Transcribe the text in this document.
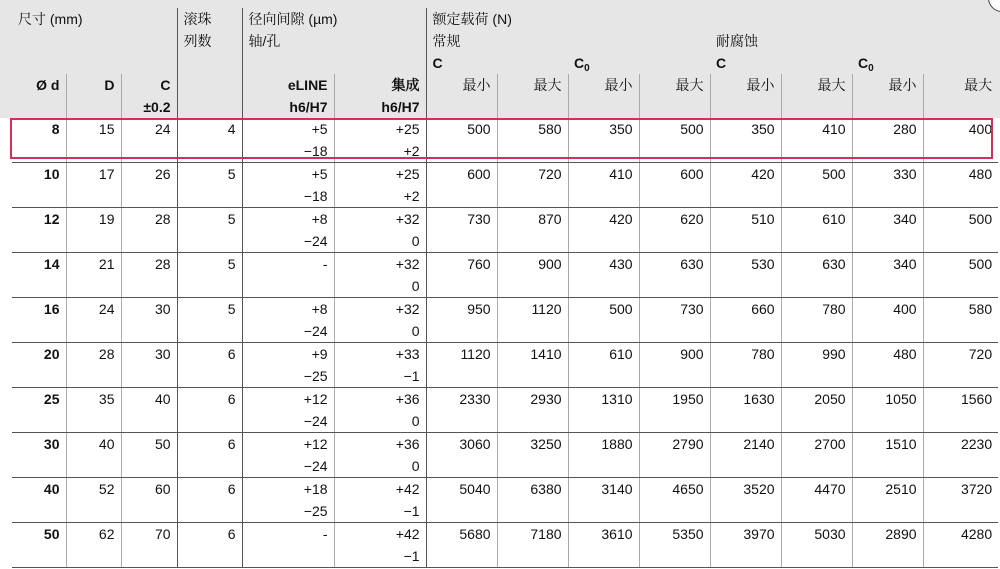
尺寸 (mm)			滚珠	径向间隙 (µm)		额定载荷 (N)							
			列数	轴/孔		常规				耐腐蚀			
						C		$C_0$		C		$C_0$
Ø d	D	C		eLINE	集成	最小	最大	最小	最大	最小	最大	最小	最大
		±0.2		h6/H7	h6/H7								
8	15	24	4	+5	+25	500	580	350	500	350	410	280	400
				−18	+2								
10	17	26	5	+5	+25	600	720	410	600	420	500	330	480
				−18	+2								
12	19	28	5	+8	+32	730	870	420	620	510	610	340	500
				−24	0								
14	21	28	5	-	+32	760	900	430	630	530	630	340	500
					0								
16	24	30	5	+8	+32	950	1120	500	730	660	780	400	580
				−24	0								
20	28	30	6	+9	+33	1120	1410	610	900	780	990	480	720
				−25	−1								
25	35	40	6	+12	+36	2330	2930	1310	1950	1630	2050	1050	1560
				−24	0								
30	40	50	6	+12	+36	3060	3250	1880	2790	2140	2700	1510	2230
				−24	0								
40	52	60	6	+18	+42	5040	6380	3140	4650	3520	4470	2510	3720
				−25	−1								
50	62	70	6	-	+42	5680	7180	3610	5350	3970	5030	2890	4280
					−1								
